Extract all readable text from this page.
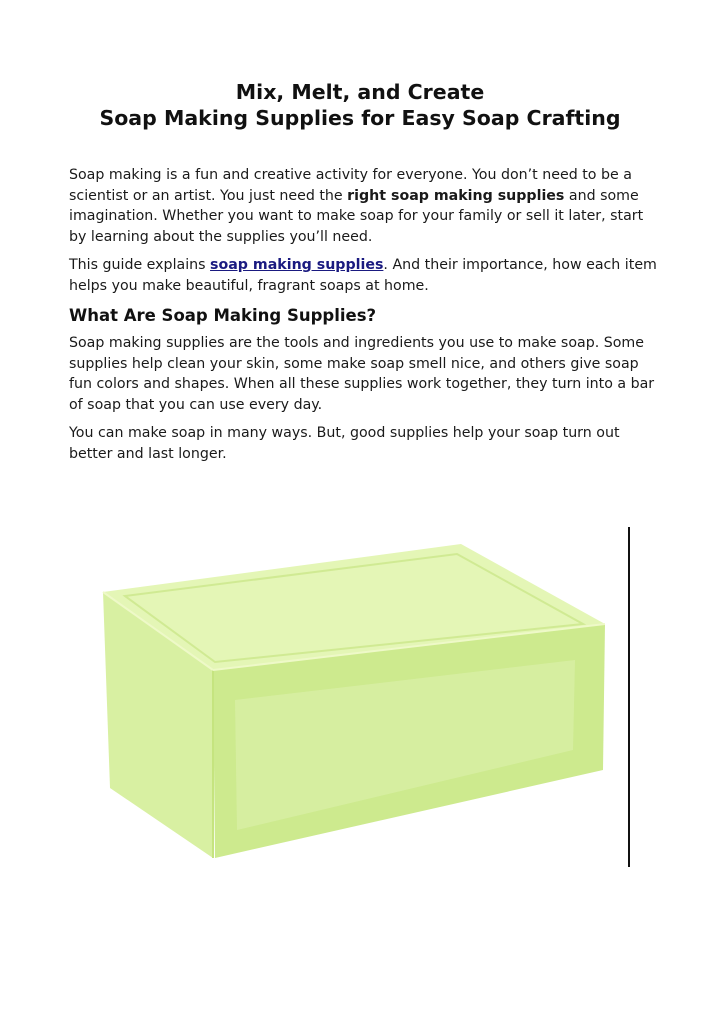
Mix, Melt, and Create
Soap Making Supplies for Easy Soap Crafting

Soap making is a fun and creative activity for everyone. You don’t need to be a scientist or an artist. You just need the right soap making supplies and some imagination. Whether you want to make soap for your family or sell it later, start by learning about the supplies you’ll need.

This guide explains soap making supplies. And their importance, how each item helps you make beautiful, fragrant soaps at home.

What Are Soap Making Supplies?

Soap making supplies are the tools and ingredients you use to make soap. Some supplies help clean your skin, some make soap smell nice, and others give soap fun colors and shapes. When all these supplies work together, they turn into a bar of soap that you can use every day.

You can make soap in many ways. But, good supplies help your soap turn out better and last longer.
